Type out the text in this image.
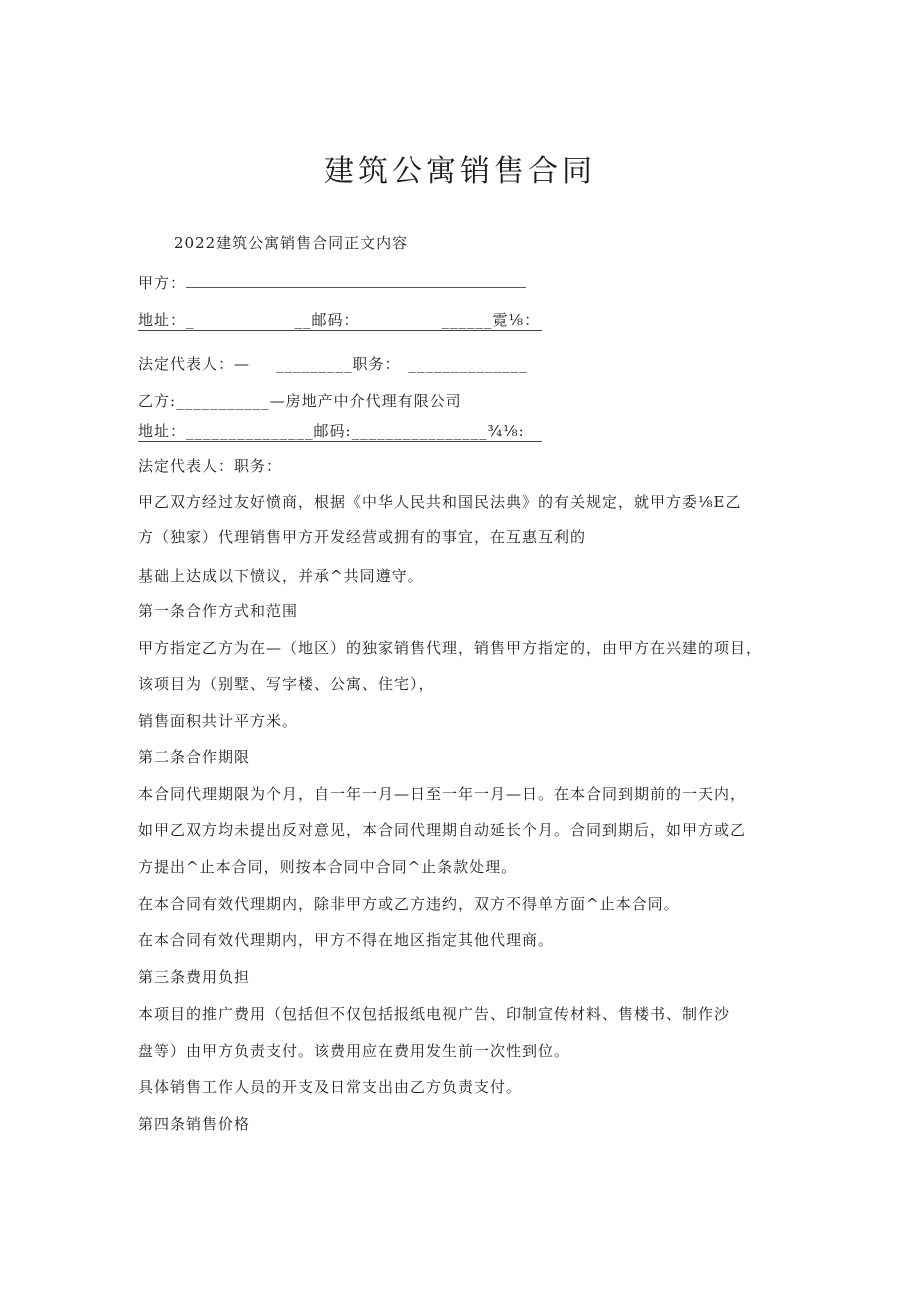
建筑公寓销售合同
2022建筑公寓销售合同正文内容
甲方：
地址：_	__邮码：	______霓⅛：
法定代表人：— _________职务： ______________
乙方:___________—房地产中介代理有限公司
地址：_______________邮码:________________¾⅛:
法定代表人：职务：
甲乙双方经过友好愤商，根据《中华人民共和国民法典》的有关规定，就甲方委⅛E乙
方（独家）代理销售甲方开发经营或拥有的事宜，在互惠互利的
基础上达成以下愤议，并承^共同遵守。
第一条合作方式和范围
甲方指定乙方为在—（地区）的独家销售代理，销售甲方指定的，由甲方在兴建的项目，
该项目为（别墅、写字楼、公寓、住宅），
销售面积共计平方米。
第二条合作期限
本合同代理期限为个月，自一年一月—日至一年一月—日。在本合同到期前的一天内，
如甲乙双方均未提出反对意见，本合同代理期自动延长个月。合同到期后，如甲方或乙
方提出^止本合同，则按本合同中合同^止条款处理。
在本合同有效代理期内，除非甲方或乙方违约，双方不得单方面^止本合同。
在本合同有效代理期内，甲方不得在地区指定其他代理商。
第三条费用负担
本项目的推广费用（包括但不仅包括报纸电视广告、印制宣传材料、售楼书、制作沙
盘等）由甲方负责支付。该费用应在费用发生前一次性到位。
具体销售工作人员的开支及日常支出由乙方负责支付。
第四条销售价格
